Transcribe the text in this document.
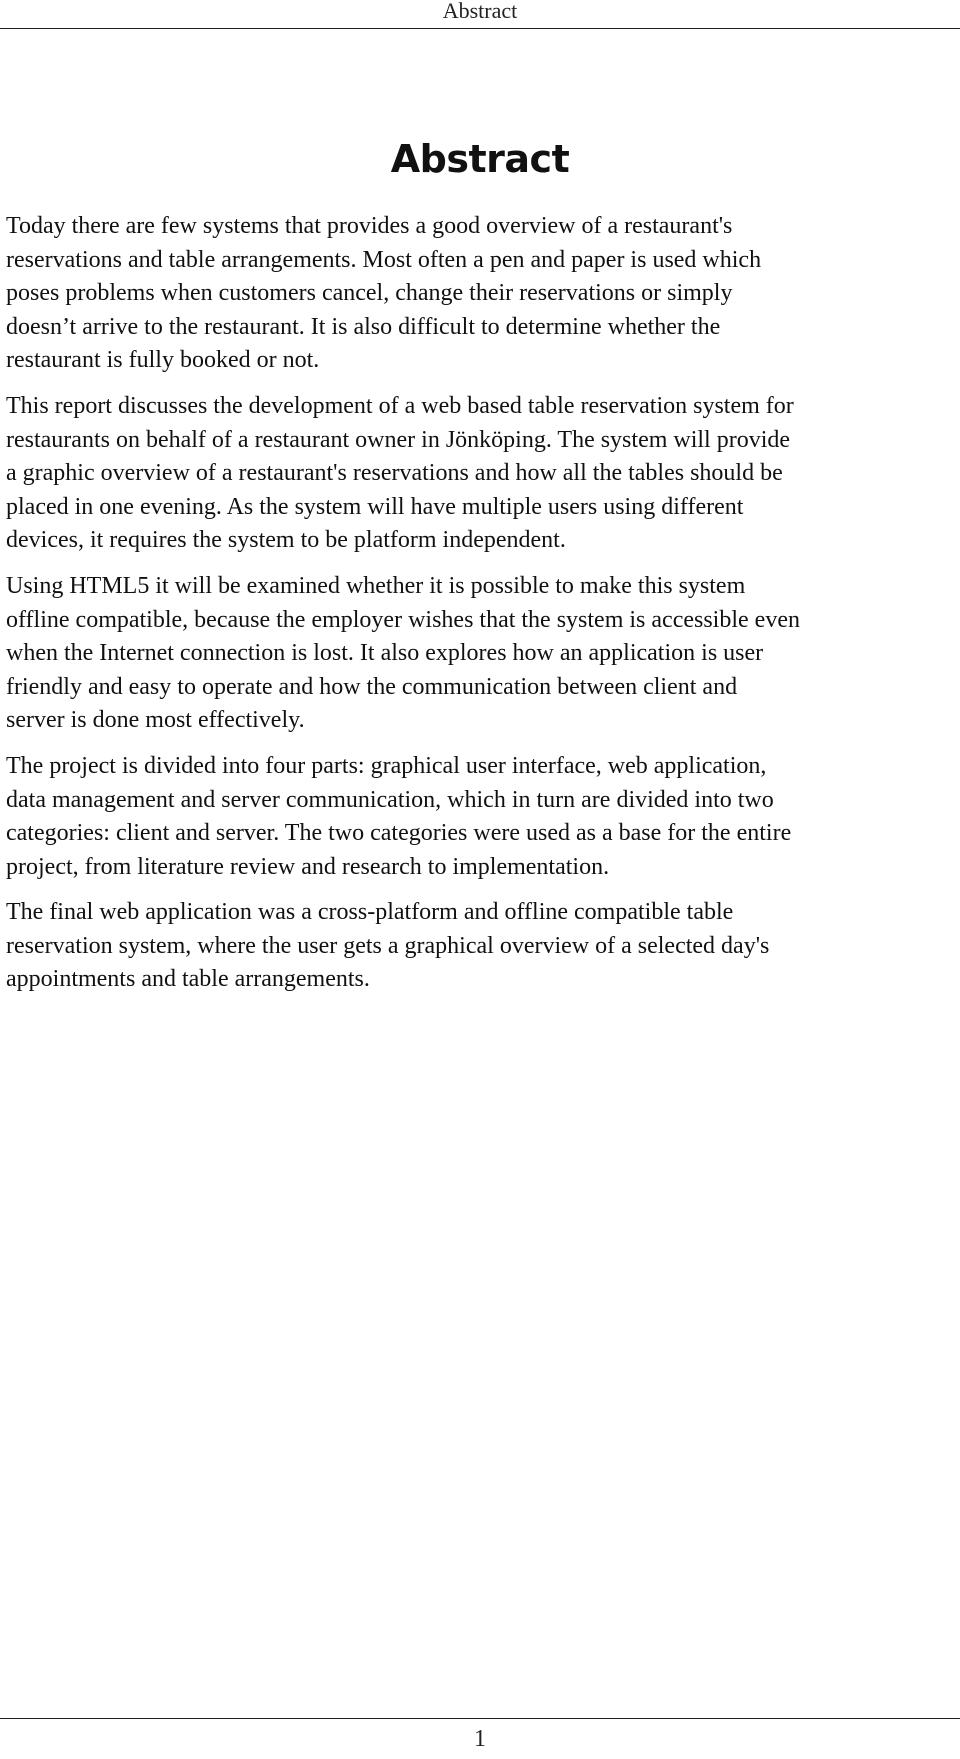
Abstract
Abstract

Today there are few systems that provides a good overview of a restaurant's
reservations and table arrangements. Most often a pen and paper is used which
poses problems when customers cancel, change their reservations or simply
doesn’t arrive to the restaurant. It is also difficult to determine whether the
restaurant is fully booked or not.

This report discusses the development of a web based table reservation system for
restaurants on behalf of a restaurant owner in Jönköping. The system will provide
a graphic overview of a restaurant's reservations and how all the tables should be
placed in one evening. As the system will have multiple users using different
devices, it requires the system to be platform independent.

Using HTML5 it will be examined whether it is possible to make this system
offline compatible, because the employer wishes that the system is accessible even
when the Internet connection is lost. It also explores how an application is user
friendly and easy to operate and how the communication between client and
server is done most effectively.

The project is divided into four parts: graphical user interface, web application,
data management and server communication, which in turn are divided into two
categories: client and server. The two categories were used as a base for the entire
project, from literature review and research to implementation.

The final web application was a cross-platform and offline compatible table
reservation system, where the user gets a graphical overview of a selected day's
appointments and table arrangements.

1
